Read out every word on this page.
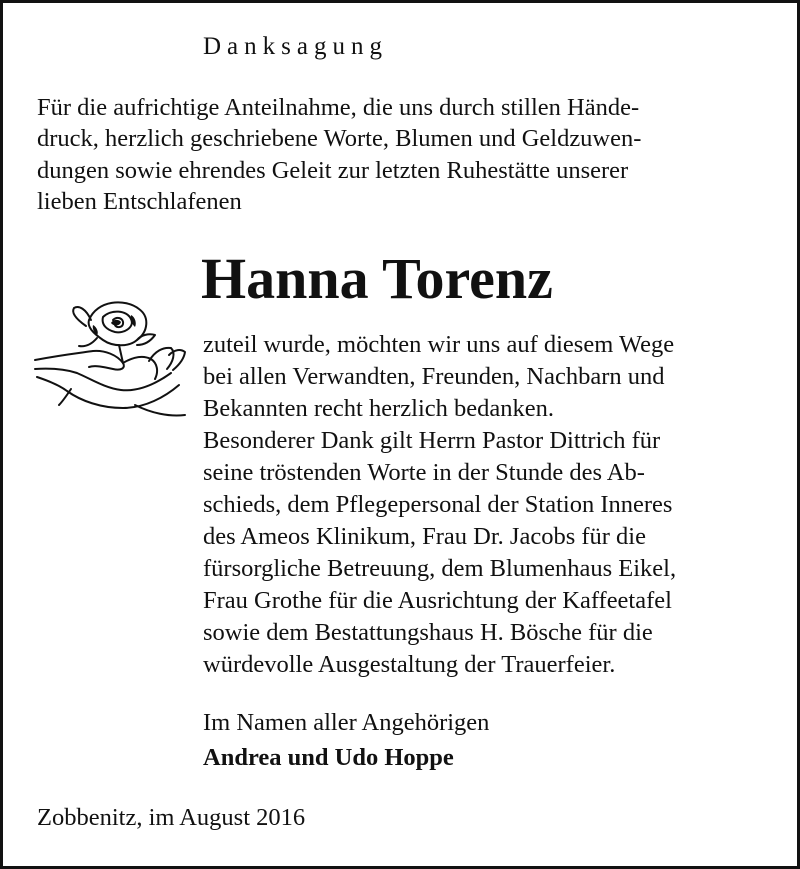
Danksagung
Für die aufrichtige Anteilnahme, die uns durch stillen Hände-
druck, herzlich geschriebene Worte, Blumen und Geldzuwen-
dungen sowie ehrendes Geleit zur letzten Ruhestätte unserer
lieben Entschlafenen
Hanna Torenz
zuteil wurde, möchten wir uns auf diesem Wege
bei allen Verwandten, Freunden, Nachbarn und
Bekannten recht herzlich bedanken.
Besonderer Dank gilt Herrn Pastor Dittrich für
seine tröstenden Worte in der Stunde des Ab-
schieds, dem Pflegepersonal der Station Inneres
des Ameos Klinikum, Frau Dr. Jacobs für die
fürsorgliche Betreuung, dem Blumenhaus Eikel,
Frau Grothe für die Ausrichtung der Kaffeetafel
sowie dem Bestattungshaus H. Bösche für die
würdevolle Ausgestaltung der Trauerfeier.
Im Namen aller Angehörigen
Andrea und Udo Hoppe
Zobbenitz, im August 2016
